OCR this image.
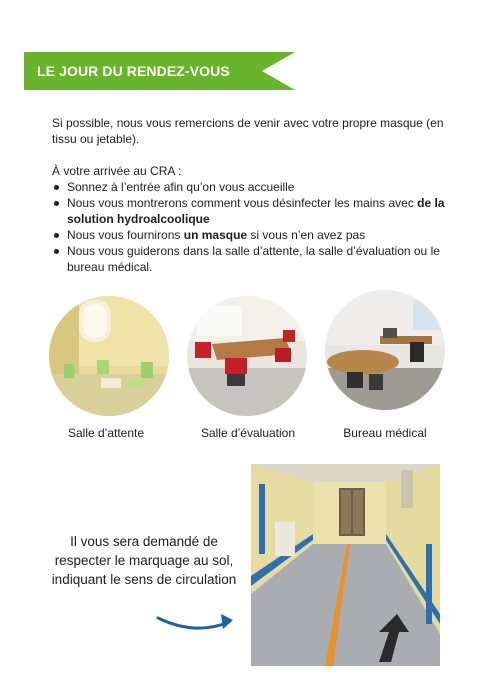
LE JOUR DU RENDEZ-VOUS

Si possible, nous vous remercions de venir avec votre propre masque (en tissu ou jetable).

À votre arrivée au CRA :

Sonnez à l’entrée afin qu’on vous accueille
Nous vous montrerons comment vous désinfecter les mains avec de la solution hydroalcoolique
Nous vous fournirons un masque si vous n’en avez pas
Nous vous guiderons dans la salle d’attente, la salle d’évaluation ou le bureau médical.
Salle d’attente	Salle d’évaluation	Bureau médical
Il vous sera demandé de respecter le marquage au sol, indiquant le sens de circulation
